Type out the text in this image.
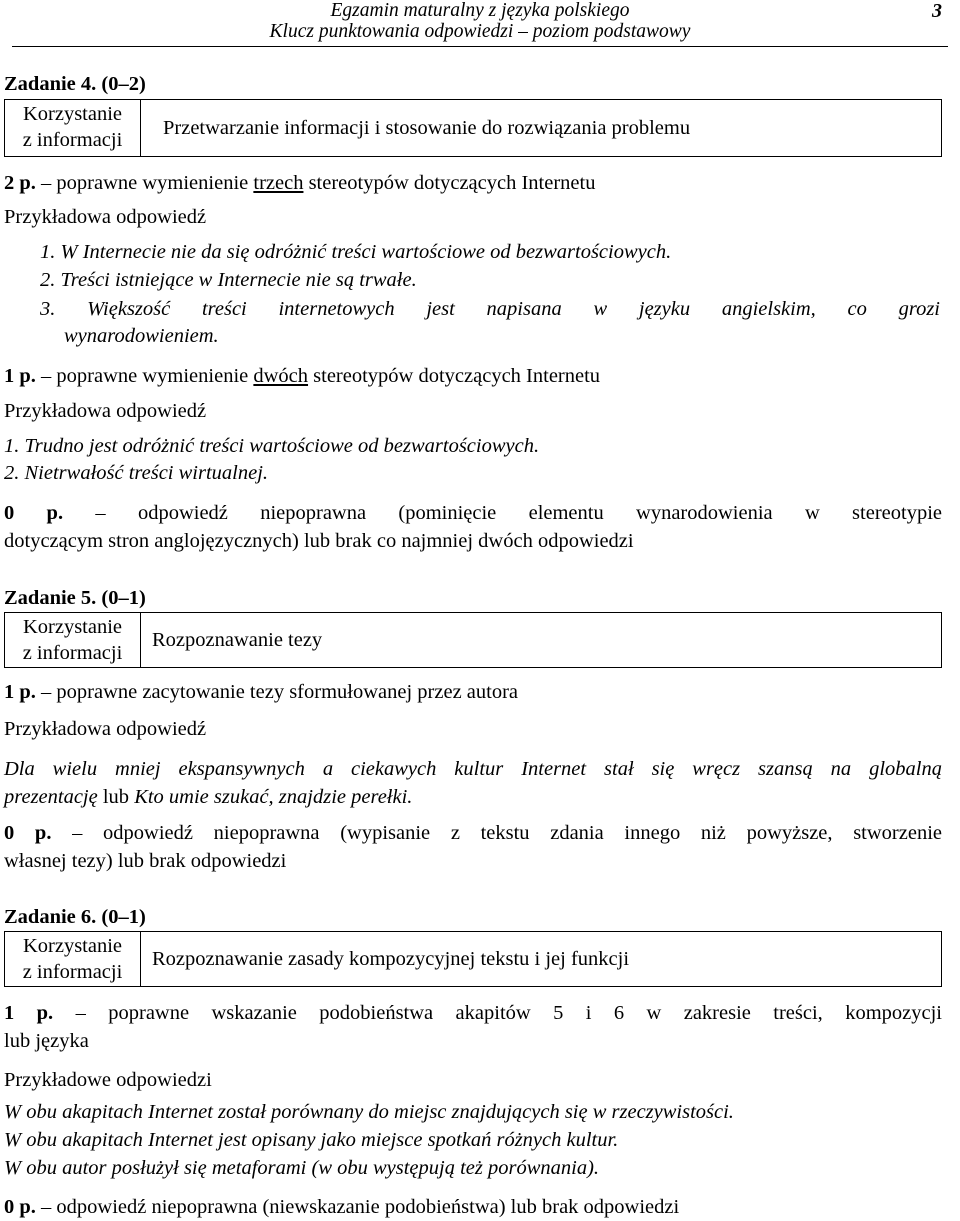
Egzamin maturalny z języka polskiego
Klucz punktowania odpowiedzi – poziom podstawowy
3
Zadanie 4. (0–2)
Korzystanie
z informacji
Przetwarzanie informacji i stosowanie do rozwiązania problemu
2 p. – poprawne wymienienie trzech stereotypów dotyczących Internetu
Przykładowa odpowiedź
1. W Internecie nie da się odróżnić treści wartościowe od bezwartościowych.
2. Treści istniejące w Internecie nie są trwałe.
3. Większość treści internetowych jest napisana w języku angielskim, co grozi
wynarodowieniem.
1 p. – poprawne wymienienie dwóch stereotypów dotyczących Internetu
Przykładowa odpowiedź
1. Trudno jest odróżnić treści wartościowe od bezwartościowych.
2. Nietrwałość treści wirtualnej.
0 p. – odpowiedź niepoprawna (pominięcie elementu wynarodowienia w stereotypie
dotyczącym stron anglojęzycznych) lub brak co najmniej dwóch odpowiedzi
Zadanie 5. (0–1)
Korzystanie
z informacji
Rozpoznawanie tezy
1 p. – poprawne zacytowanie tezy sformułowanej przez autora
Przykładowa odpowiedź
Dla wielu mniej ekspansywnych a ciekawych kultur Internet stał się wręcz szansą na globalną
prezentację lub Kto umie szukać, znajdzie perełki.
0 p. – odpowiedź niepoprawna (wypisanie z tekstu zdania innego niż powyższe, stworzenie
własnej tezy) lub brak odpowiedzi
Zadanie 6. (0–1)
Korzystanie
z informacji
Rozpoznawanie zasady kompozycyjnej tekstu i jej funkcji
1 p. – poprawne wskazanie podobieństwa akapitów 5 i 6 w zakresie treści, kompozycji
lub języka
Przykładowe odpowiedzi
W obu akapitach Internet został porównany do miejsc znajdujących się w rzeczywistości.
W obu akapitach Internet jest opisany jako miejsce spotkań różnych kultur.
W obu autor posłużył się metaforami (w obu występują też porównania).
0 p. – odpowiedź niepoprawna (niewskazanie podobieństwa) lub brak odpowiedzi
